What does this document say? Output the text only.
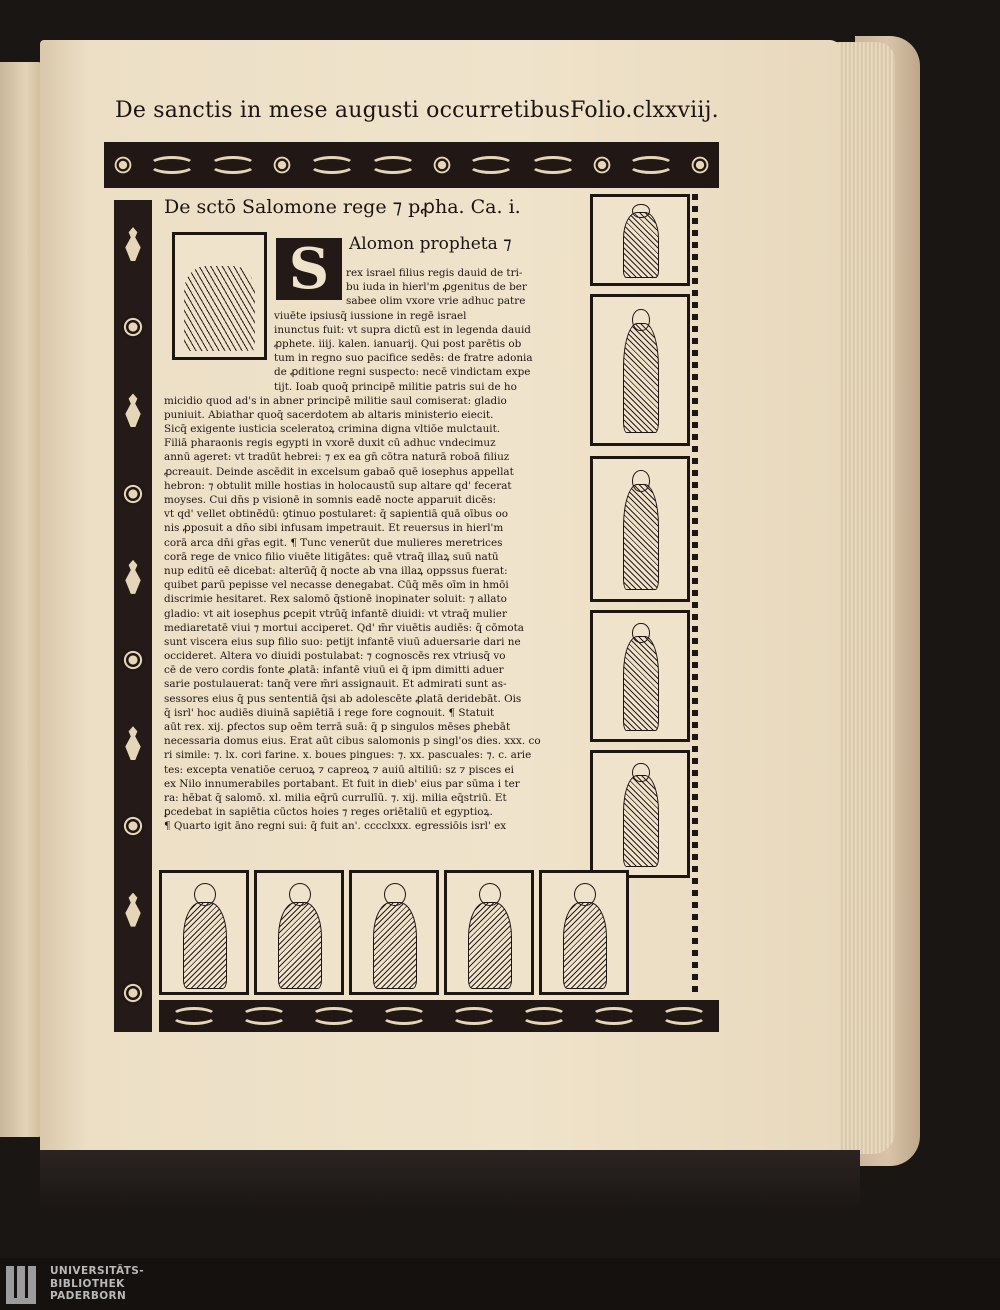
De sanctis in mese augusti occurretibus Folio.clxxviij.
De sctō Salomone rege ⁊ pꝓha. Ca. i.
S Alomon propheta ⁊
rex israel filius regis dauid de tri-
bu iuda in hierl'm ꝓgenitus de ber
sabee olim vxore vrie adhuc patre
viuēte ipsiusq̄ iussione in regē israel
inunctus fuit: vt supra dictū est in legenda dauid
ꝓphete. iiij. kalen. ianuarij. Qui post parētis ob
tum in regno suo pacifice sedēs: de fratre adonia
de ꝓditione regni suspecto: necē vindictam expe
tijt. Ioab quoq̄ principē militie patris sui de ho
micidio quod ad's in abner principē militie saul comiserat: gladio
puniuit. Abiathar quoq̄ sacerdotem ab altaris ministerio eiecit.
Sicq̄ exigente iusticia sceleratoꝝ crimina digna vltiōe mulctauit.
Filiā pharaonis regis egypti in vxorē duxit cū adhuc vndecimuz
annū ageret: vt tradūt hebrei: ⁊ ex ea gn̄ cōtra naturā roboā filiuz
ꝓcreauit. Deinde ascēdit in excelsum gabaō quē iosephus appellat
hebron: ⁊ obtulit mille hostias in holocaustū sup altare qd' fecerat
moyses. Cui dn̄s p visionē in somnis eadē nocte apparuit dicēs:
vt qd' vellet obtinēdū: ꝯtinuo postularet: q̄ sapientiā quā oībus oo
nis ꝓposuit a dn̄o sibi infusam impetrauit. Et reuersus in hierl'm
corā arca dn̄i gr̄as egit. ¶ Tunc venerūt due mulieres meretrices
corā rege de vnico filio viuēte litigātes: quē vtraq̄ illaꝝ suū natū
nup editū eē dicebat: alterūq̄ q̄ nocte ab vna illaꝝ oppssus fuerat:
quibet ꝑarū pepisse vel necasse denegabat. Cūq̄ mēs oīm in hmōi
discrimie hesitaret. Rex salomō q̄stionē inopinater soluit: ⁊ allato
gladio: vt ait iosephus ꝑcepit vtrūq̄ infantē diuidi: vt vtraq̄ mulier
mediaretatē viui ⁊ mortui acciperet. Qd' m̄r viuētis audiēs: q̄ cōmota
sunt viscera eius sup filio suo: petijt infantē viuū aduersarie dari ne
occideret. Altera vo diuidi postulabat: ⁊ cognoscēs rex vtriusq̄ vo
cē de vero cordis fonte ꝓlatā: infantē viuū ei q̄ ipm dimitti aduer
sarie postulauerat: tanq̄ vere m̄ri assignauit. Et admirati sunt as-
sessores eius q̄ pus sententiā q̄si ab adolescēte ꝓlatā deridebāt. Ois
q̄ isrl' hoc audiēs diuinā sapiētiā i rege fore cognouit. ¶ Statuit
aūt rex. xij. ꝑfectos sup oēm terrā suā: q̄ p singulos mēses ꝑhebāt
necessaria domus eius. Erat aūt cibus salomonis p singl'os dies. xxx. co
ri simile: ⁊. lx. cori farine. x. boues pingues: ⁊. xx. pascuales: ⁊. c. arie
tes: excepta venatiōe ceruoꝝ ⁊ capreoꝝ ⁊ auiū altiliū: sz ⁊ pisces ei
ex Nilo innumerabiles portabant. Et fuit in dieb' eius par sūma i ter
ra: hēbat q̄ salomō. xl. milia eq̄rū currulīū. ⁊. xij. milia eq̄striū. Et
ꝑcedebat in sapiētia cūctos hoies ⁊ reges oriētaliū et egyptioꝝ.
¶ Quarto igit āno regni sui: q̄ fuit an'. cccclxxx. egressiōis isrl' ex
UNIVERSITÄTS-
BIBLIOTHEK
PADERBORN
